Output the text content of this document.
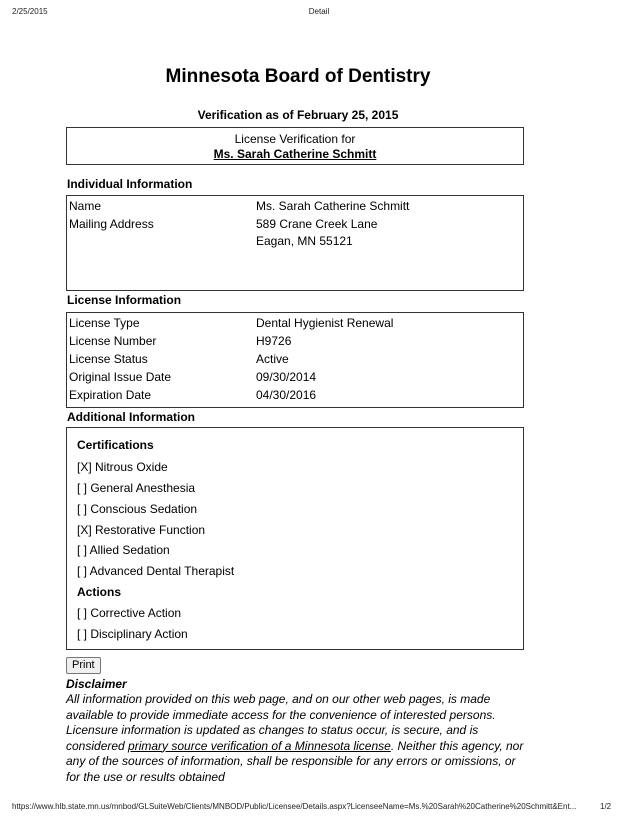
2/25/2015	Detail
Minnesota Board of Dentistry
Verification as of February 25, 2015
License Verification for
Ms. Sarah Catherine Schmitt
Individual Information
Name	Ms. Sarah Catherine Schmitt
Mailing Address	589 Crane Creek Lane
Eagan, MN 55121
License Information
License Type	Dental Hygienist Renewal
License Number	H9726
License Status	Active
Original Issue Date	09/30/2014
Expiration Date	04/30/2016
Additional Information
Certifications
[X] Nitrous Oxide
[ ] General Anesthesia
[ ] Conscious Sedation
[X] Restorative Function
[ ] Allied Sedation
[ ] Advanced Dental Therapist
Actions
[ ] Corrective Action
[ ] Disciplinary Action
Print
Disclaimer
All information provided on this web page, and on our other web pages, is made available to provide immediate access for the convenience of interested persons. Licensure information is updated as changes to status occur, is secure, and is considered primary source verification of a Minnesota license. Neither this agency, nor any of the sources of information, shall be responsible for any errors or omissions, or for the use or results obtained
https://www.hlb.state.mn.us/mnbod/GLSuiteWeb/Clients/MNBOD/Public/Licensee/Details.aspx?LicenseeName=Ms.%20Sarah%20Catherine%20Schmitt&Ent...	1/2
